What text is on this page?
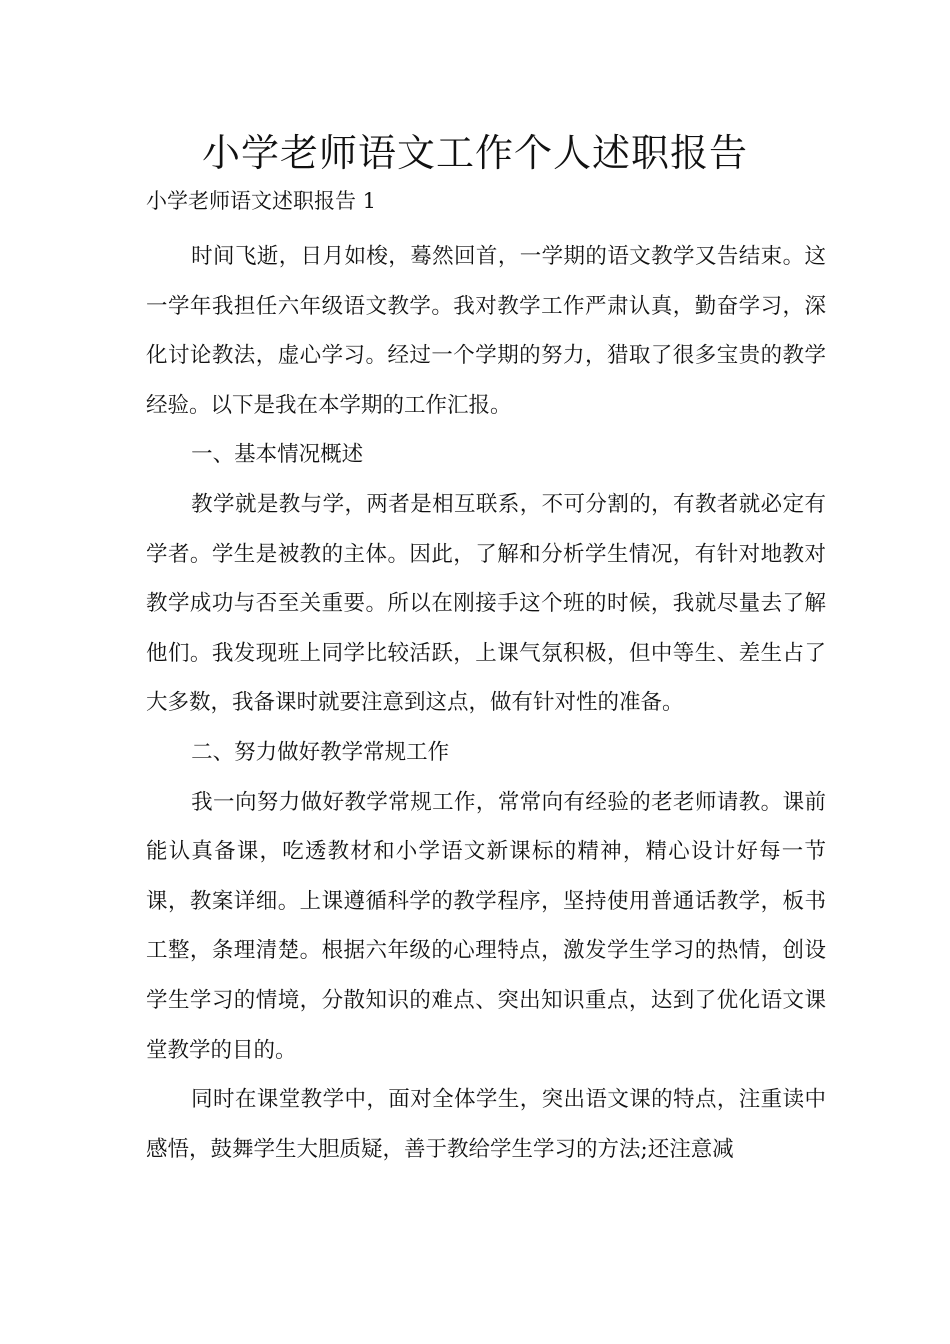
小学老师语文工作个人述职报告

小学老师语文述职报告 1

时间飞逝，日月如梭，蓦然回首，一学期的语文教学又告结束。这一学年我担任六年级语文教学。我对教学工作严肃认真，勤奋学习，深化讨论教法，虚心学习。经过一个学期的努力，猎取了很多宝贵的教学经验。以下是我在本学期的工作汇报。

一、基本情况概述

教学就是教与学，两者是相互联系，不可分割的，有教者就必定有学者。学生是被教的主体。因此，了解和分析学生情况，有针对地教对教学成功与否至关重要。所以在刚接手这个班的时候，我就尽量去了解他们。我发现班上同学比较活跃，上课气氛积极，但中等生、差生占了大多数，我备课时就要注意到这点，做有针对性的准备。

二、努力做好教学常规工作

我一向努力做好教学常规工作，常常向有经验的老老师请教。课前能认真备课，吃透教材和小学语文新课标的精神，精心设计好每一节课，教案详细。上课遵循科学的教学程序，坚持使用普通话教学，板书工整，条理清楚。根据六年级的心理特点，激发学生学习的热情，创设学生学习的情境，分散知识的难点、突出知识重点，达到了优化语文课堂教学的目的。

同时在课堂教学中，面对全体学生，突出语文课的特点，注重读中感悟，鼓舞学生大胆质疑，善于教给学生学习的方法;还注意减
